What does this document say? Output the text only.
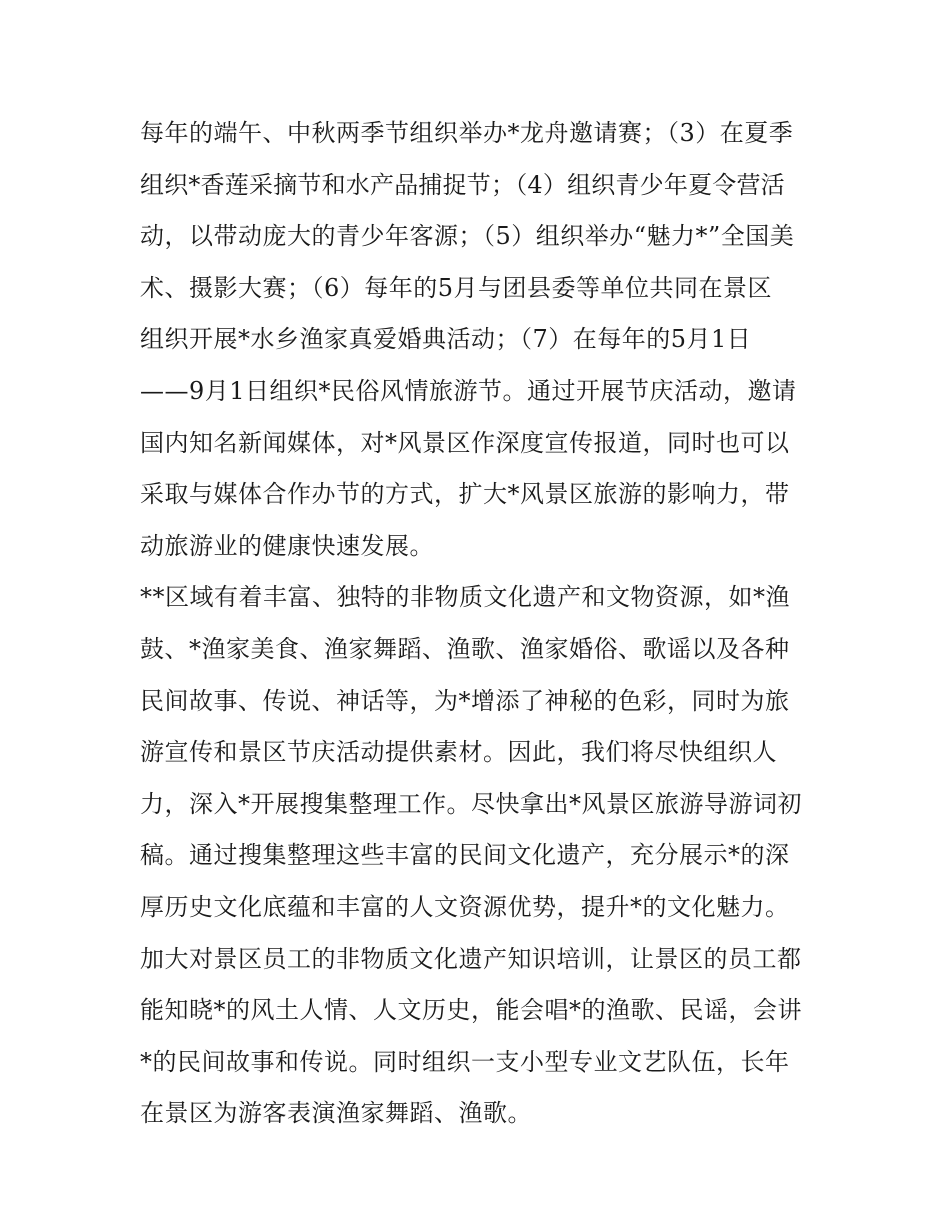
每年的端午、中秋两季节组织举办*龙舟邀请赛；（3）在夏季
组织*香莲采摘节和水产品捕捉节；（4）组织青少年夏令营活
动，以带动庞大的青少年客源；（5）组织举办“魅力*”全国美
术、摄影大赛；（6）每年的5月与团县委等单位共同在景区
组织开展*水乡渔家真爱婚典活动；（7）在每年的5月1日
——9月1日组织*民俗风情旅游节。通过开展节庆活动，邀请
国内知名新闻媒体，对*风景区作深度宣传报道，同时也可以
采取与媒体合作办节的方式，扩大*风景区旅游的影响力，带
动旅游业的健康快速发展。
**区域有着丰富、独特的非物质文化遗产和文物资源，如*渔
鼓、*渔家美食、渔家舞蹈、渔歌、渔家婚俗、歌谣以及各种
民间故事、传说、神话等，为*增添了神秘的色彩，同时为旅
游宣传和景区节庆活动提供素材。因此，我们将尽快组织人
力，深入*开展搜集整理工作。尽快拿出*风景区旅游导游词初
稿。通过搜集整理这些丰富的民间文化遗产，充分展示*的深
厚历史文化底蕴和丰富的人文资源优势，提升*的文化魅力。
加大对景区员工的非物质文化遗产知识培训，让景区的员工都
能知晓*的风土人情、人文历史，能会唱*的渔歌、民谣，会讲
*的民间故事和传说。同时组织一支小型专业文艺队伍，长年
在景区为游客表演渔家舞蹈、渔歌。
